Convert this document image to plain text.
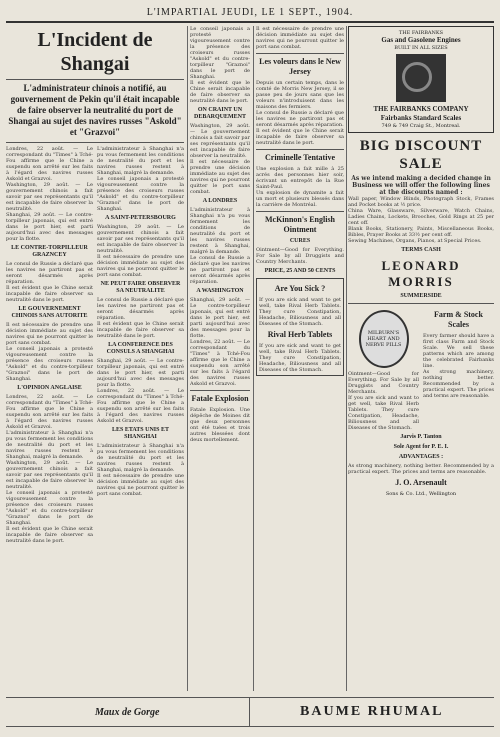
L'IMPARTIAL JEUDI, LE 1 SEPT., 1904.
L'Incident de Shangai
L'administrateur chinois a notifié, au gouvernement de Pekin qu'il était incapable de faire observer la neutralité du port de Shangai au sujet des navires russes "Askold" et "Grazvoi"
Londres, 22 août. — Le correspondant du "Times" à Tché-Fou affirme que le Chine a suspendu son arrêté sur les faits à l'égard des navires russes Askold et Grazvoi.
Washington, 29 août. — Le gouvernement chinois a fait savoir par ses représentants qu'il est incapable de faire observer la neutralité.
Shanghai, 29 août. — Le contre-torpilleur japonais, qui est entré dans le port hier, est parti aujourd'hui avec des messages pour la flotte.
LE CONTRE-TORPILLEUR GRAZNCEY
Le consul de Russie a déclaré que les navires ne partiront pas et seront désarmés après réparation.
Il est évident que le Chine serait incapable de faire observer sa neutralité dans le port.
LE GOUVERNEMENT CHINOIS SANS AUTORITE
Il est nécessaire de prendre une décision immédiate au sujet des navires qui ne pourront quitter le port sans combat.
Le conseil japonais a protesté vigoureusement contre la présence des croiseurs russes "Askold" et du contre-torpilleur "Graznoi" dans le port de Shanghai.
L'OPINION ANGLAISE
Londres, 22 août. — Le correspondant du "Times" à Tché-Fou affirme que le Chine a suspendu son arrêté sur les faits à l'égard des navires russes Askold et Grazvoi.
L'administrateur à Shanghai n'a pu vous fermement les conditions de neutralité du port et les navires russes restent à Shanghai, malgré la demande.
Washington, 29 août. — Le gouvernement chinois a fait savoir par ses représentants qu'il est incapable de faire observer la neutralité.
Le conseil japonais a protesté vigoureusement contre la présence des croiseurs russes "Askold" et du contre-torpilleur "Graznoi" dans le port de Shanghai.
Il est évident que le Chine serait incapable de faire observer sa neutralité dans le port.
L'administrateur à Shanghai n'a pu vous fermement les conditions de neutralité du port et les navires russes restent à Shanghai, malgré la demande.
Le conseil japonais a protesté vigoureusement contre la présence des croiseurs russes "Askold" et du contre-torpilleur "Graznoi" dans le port de Shanghai.
A SAINT-PETERSBOURG
Washington, 29 août. — Le gouvernement chinois a fait savoir par ses représentants qu'il est incapable de faire observer la neutralité.
Il est nécessaire de prendre une décision immédiate au sujet des navires qui ne pourront quitter le port sans combat.
NE PEUT FAIRE OBSERVER SA NEUTRALITE
Le consul de Russie a déclaré que les navires ne partiront pas et seront désarmés après réparation.
Il est évident que le Chine serait incapable de faire observer sa neutralité dans le port.
LA CONFERENCE DES CONSULS A SHANGHAI
Shanghai, 29 août. — Le contre-torpilleur japonais, qui est entré dans le port hier, est parti aujourd'hui avec des messages pour la flotte.
Londres, 22 août. — Le correspondant du "Times" à Tché-Fou affirme que le Chine a suspendu son arrêté sur les faits à l'égard des navires russes Askold et Grazvoi.
LES ETATS UNIS ET SHANGHAI
L'administrateur à Shanghai n'a pu vous fermement les conditions de neutralité du port et les navires russes restent à Shanghai, malgré la demande.
Il est nécessaire de prendre une décision immédiate au sujet des navires qui ne pourront quitter le port sans combat.
Le conseil japonais a protesté vigoureusement contre la présence des croiseurs russes "Askold" et du contre-torpilleur "Graznoi" dans le port de Shanghai.
Il est évident que le Chine serait incapable de faire observer sa neutralité dans le port.
ON CRAINT UN DEBARQUEMENT
Washington, 29 août. — Le gouvernement chinois a fait savoir par ses représentants qu'il est incapable de faire observer la neutralité.
Il est nécessaire de prendre une décision immédiate au sujet des navires qui ne pourront quitter le port sans combat.
A LONDRES
L'administrateur à Shanghai n'a pu vous fermement les conditions de neutralité du port et les navires russes restent à Shanghai, malgré la demande.
Le consul de Russie a déclaré que les navires ne partiront pas et seront désarmés après réparation.
A WASHINGTON
Shanghai, 29 août. — Le contre-torpilleur japonais, qui est entré dans le port hier, est parti aujourd'hui avec des messages pour la flotte.
Londres, 22 août. — Le correspondant du "Times" à Tché-Fou affirme que le Chine a suspendu son arrêté sur les faits à l'égard des navires russes Askold et Grazvoi.
Fatale Explosion
Fatale Explosion. Une dépêche de Moines dit que deux personnes ont été tuées et trois autres blessées dont deux mortellement.
Il est nécessaire de prendre une décision immédiate au sujet des navires qui ne pourront quitter le port sans combat.
Les voleurs dans le New Jersey
Depuis un certain temps, dans le comté de Morris New Jersey, il se passe peu de jours sans que les voleurs n'introduisent dans les maisons des fermiers.
Le consul de Russie a déclaré que les navires ne partiront pas et seront désarmés après réparation.
Il est évident que le Chine serait incapable de faire observer sa neutralité dans le port.
Criminelle Tentative
Une explosion a fait mille à 25 acrés des personnes hier soir, écrivant un entrepôt de la Rue Saint-Paul.
Un explosion de dynamite a fait un mort et plusieurs blessés dans la carrière de Montréal.
McKinnon's English Ointment
CURES
Ointment—Good for Everything. For Sale by all Druggists and Country Merchants.
PRICE, 25 AND 50 CENTS
Are You Sick ?
If you are sick and want to get well, take Rival Herb Tablets. They cure Constipation, Headache, Biliousness and all Diseases of the Stomach.
Rival Herb Tablets
If you are sick and want to get well, take Rival Herb Tablets. They cure Constipation, Headache, Biliousness and all Diseases of the Stomach.
THE FAIRBANKS
Gas and Gasolene Engines
BUILT IN ALL SIZES
THE FAIRBANKS COMPANY
Fairbanks Standard Scales
749 & 749 Craig St., Montreal.
BIG DISCOUNT SALE
As we intend making a decided change in Business we will offer the following lines at the discounts named :
Wall paper, Window Blinds, Photograph Stock, Frames and Pocket books at ½ price.
China Ware, Glassware, Silverware, Watch Chains, Ladies Chains, Lockets, Brooches, Gold Rings at 25 per cent off.
Blank Books, Stationery, Paints, Miscellaneous Books, Bibles, Prayer Books at 33½ per cent off.
Sewing Machines, Organs, Pianos, at Special Prices.
TERMS CASH
LEONARD MORRIS
SUMMERSIDE
MILBURN'S HEART AND NERVE PILLS
Ointment—Good for Everything. For Sale by all Druggists and Country Merchants.
If you are sick and want to get well, take Rival Herb Tablets. They cure Constipation, Headache, Biliousness and all Diseases of the Stomach.
Farm & Stock Scales
Every farmer should have a first class Farm and Stock Scale. We sell these patterns which are among the celebrated Fairbanks line.
As strong machinery, nothing better. Recommended by a practical expert. The prices and terms are reasonable.
Jarvis P. Tanton
Sole Agent for P. E. I.
ADVANTAGES :
As strong machinery, nothing better. Recommended by a practical expert. The prices and terms are reasonable.
J. O. Arsenault
Sons & Co. Ltd., Wellington
Maux de Gorge	BAUME RHUMAL
